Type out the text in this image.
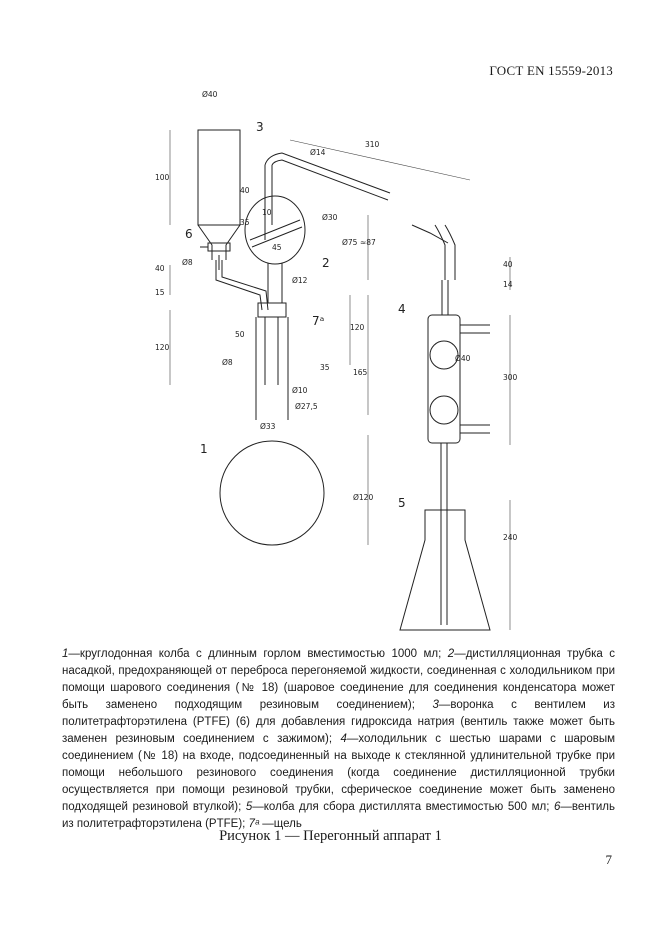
ГОСТ EN 15559-2013
Ø40
Ø14
310
100
40
35
10
40
Ø8
15
Ø30
Ø75 ≈87
45
Ø12
120
50
Ø8
120
35
165
Ø10
Ø27,5
Ø33
Ø120
40
14
Ø40
300
240
3
6
2
7ᵃ
1
4
5
1—круглодонная колба с длинным горлом вместимостью 1000 мл; 2—дистилляционная трубка с насадкой, предохраняющей от переброса перегоняемой жидкости, соединенная с холодильником при помощи шарового соединения (№ 18) (шаровое соединение для соединения конденсатора может быть заменено подходящим резиновым соединением); 3—воронка с вентилем из политетрафторэтилена (PTFE) (6) для добавления гидроксида натрия (вентиль также может быть заменен резиновым соединением с зажимом); 4—холодильник с шестью шарами с шаровым соединением (№ 18) на входе, подсоединенный на выходе к стеклянной удлинительной трубке при помощи небольшого резинового соединения (когда соединение дистилляционной трубки осуществляется при помощи резиновой трубки, сферическое соединение может быть заменено подходящей резиновой втулкой); 5—колба для сбора дистиллята вместимостью 500 мл; 6—вентиль из политетрафторэтилена (PTFE); 7ᵃ —щель
Рисунок 1 — Перегонный аппарат 1
7
